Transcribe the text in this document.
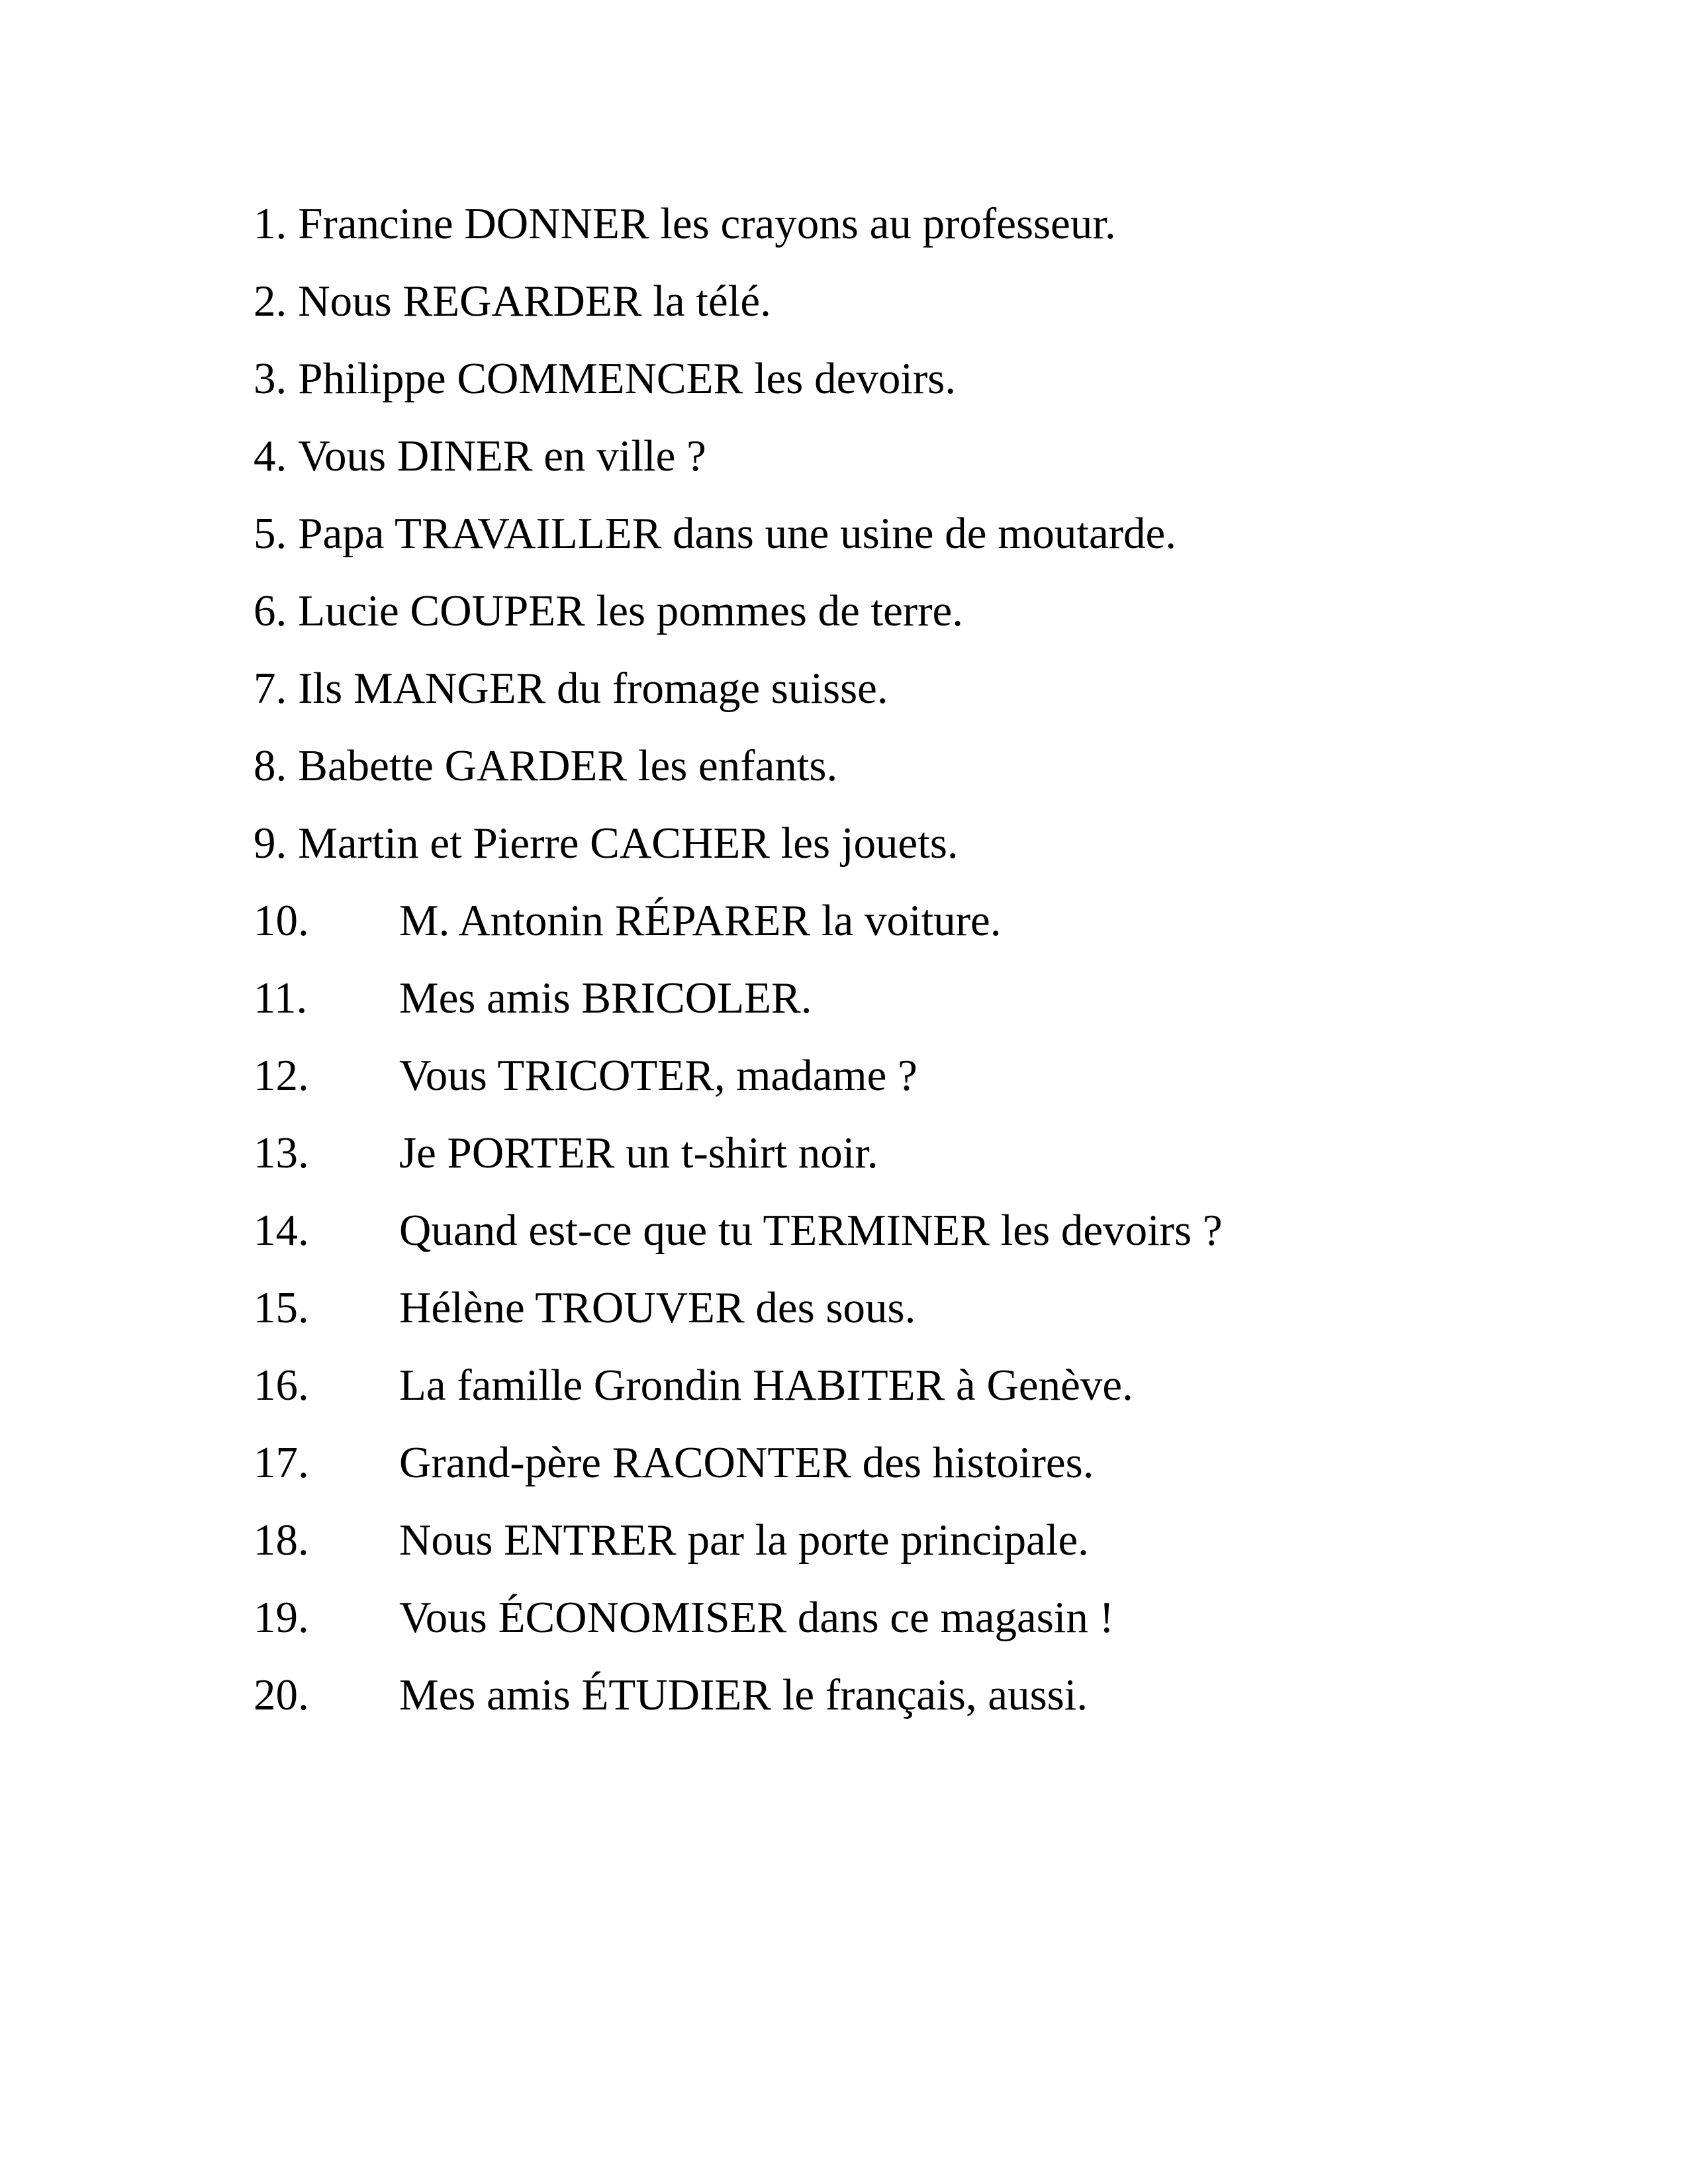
1. Francine DONNER les crayons au professeur.
2. Nous REGARDER la télé.
3. Philippe COMMENCER les devoirs.
4. Vous DINER en ville ?
5. Papa TRAVAILLER dans une usine de moutarde.
6. Lucie COUPER les pommes de terre.
7. Ils MANGER du fromage suisse.
8. Babette GARDER les enfants.
9. Martin et Pierre CACHER les jouets.
10. M. Antonin RÉPARER la voiture.
11. Mes amis BRICOLER.
12. Vous TRICOTER, madame ?
13. Je PORTER un t-shirt noir.
14. Quand est-ce que tu TERMINER les devoirs ?
15. Hélène TROUVER des sous.
16. La famille Grondin HABITER à Genève.
17. Grand-père RACONTER des histoires.
18. Nous ENTRER par la porte principale.
19. Vous ÉCONOMISER dans ce magasin !
20. Mes amis ÉTUDIER le français, aussi.
